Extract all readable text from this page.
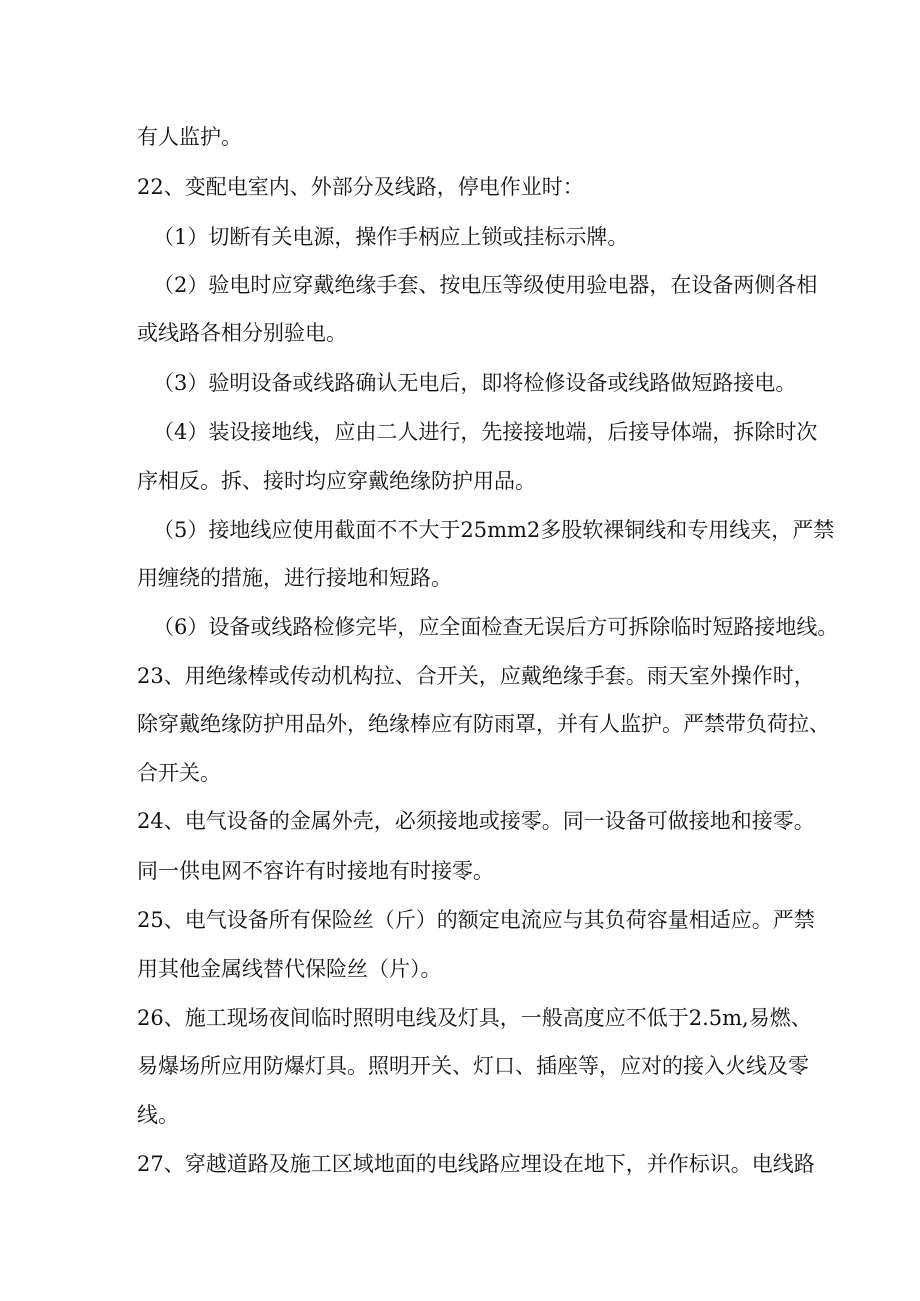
有人监护。
22、变配电室内、外部分及线路，停电作业时：
（1）切断有关电源，操作手柄应上锁或挂标示牌。
（2）验电时应穿戴绝缘手套、按电压等级使用验电器，在设备两侧各相
或线路各相分别验电。
（3）验明设备或线路确认无电后，即将检修设备或线路做短路接电。
（4）装设接地线，应由二人进行，先接接地端，后接导体端，拆除时次
序相反。拆、接时均应穿戴绝缘防护用品。
（5）接地线应使用截面不不大于25mm2多股软裸铜线和专用线夹，严禁
用缠绕的措施，进行接地和短路。
（6）设备或线路检修完毕，应全面检查无误后方可拆除临时短路接地线。
23、用绝缘棒或传动机构拉、合开关，应戴绝缘手套。雨天室外操作时，
除穿戴绝缘防护用品外，绝缘棒应有防雨罩，并有人监护。严禁带负荷拉、
合开关。
24、电气设备的金属外壳，必须接地或接零。同一设备可做接地和接零。
同一供电网不容许有时接地有时接零。
25、电气设备所有保险丝（斤）的额定电流应与其负荷容量相适应。严禁
用其他金属线替代保险丝（片）。
26、施工现场夜间临时照明电线及灯具，一般高度应不低于2.5m,易燃、
易爆场所应用防爆灯具。照明开关、灯口、插座等，应对的接入火线及零
线。
27、穿越道路及施工区域地面的电线路应埋设在地下，并作标识。电线路
